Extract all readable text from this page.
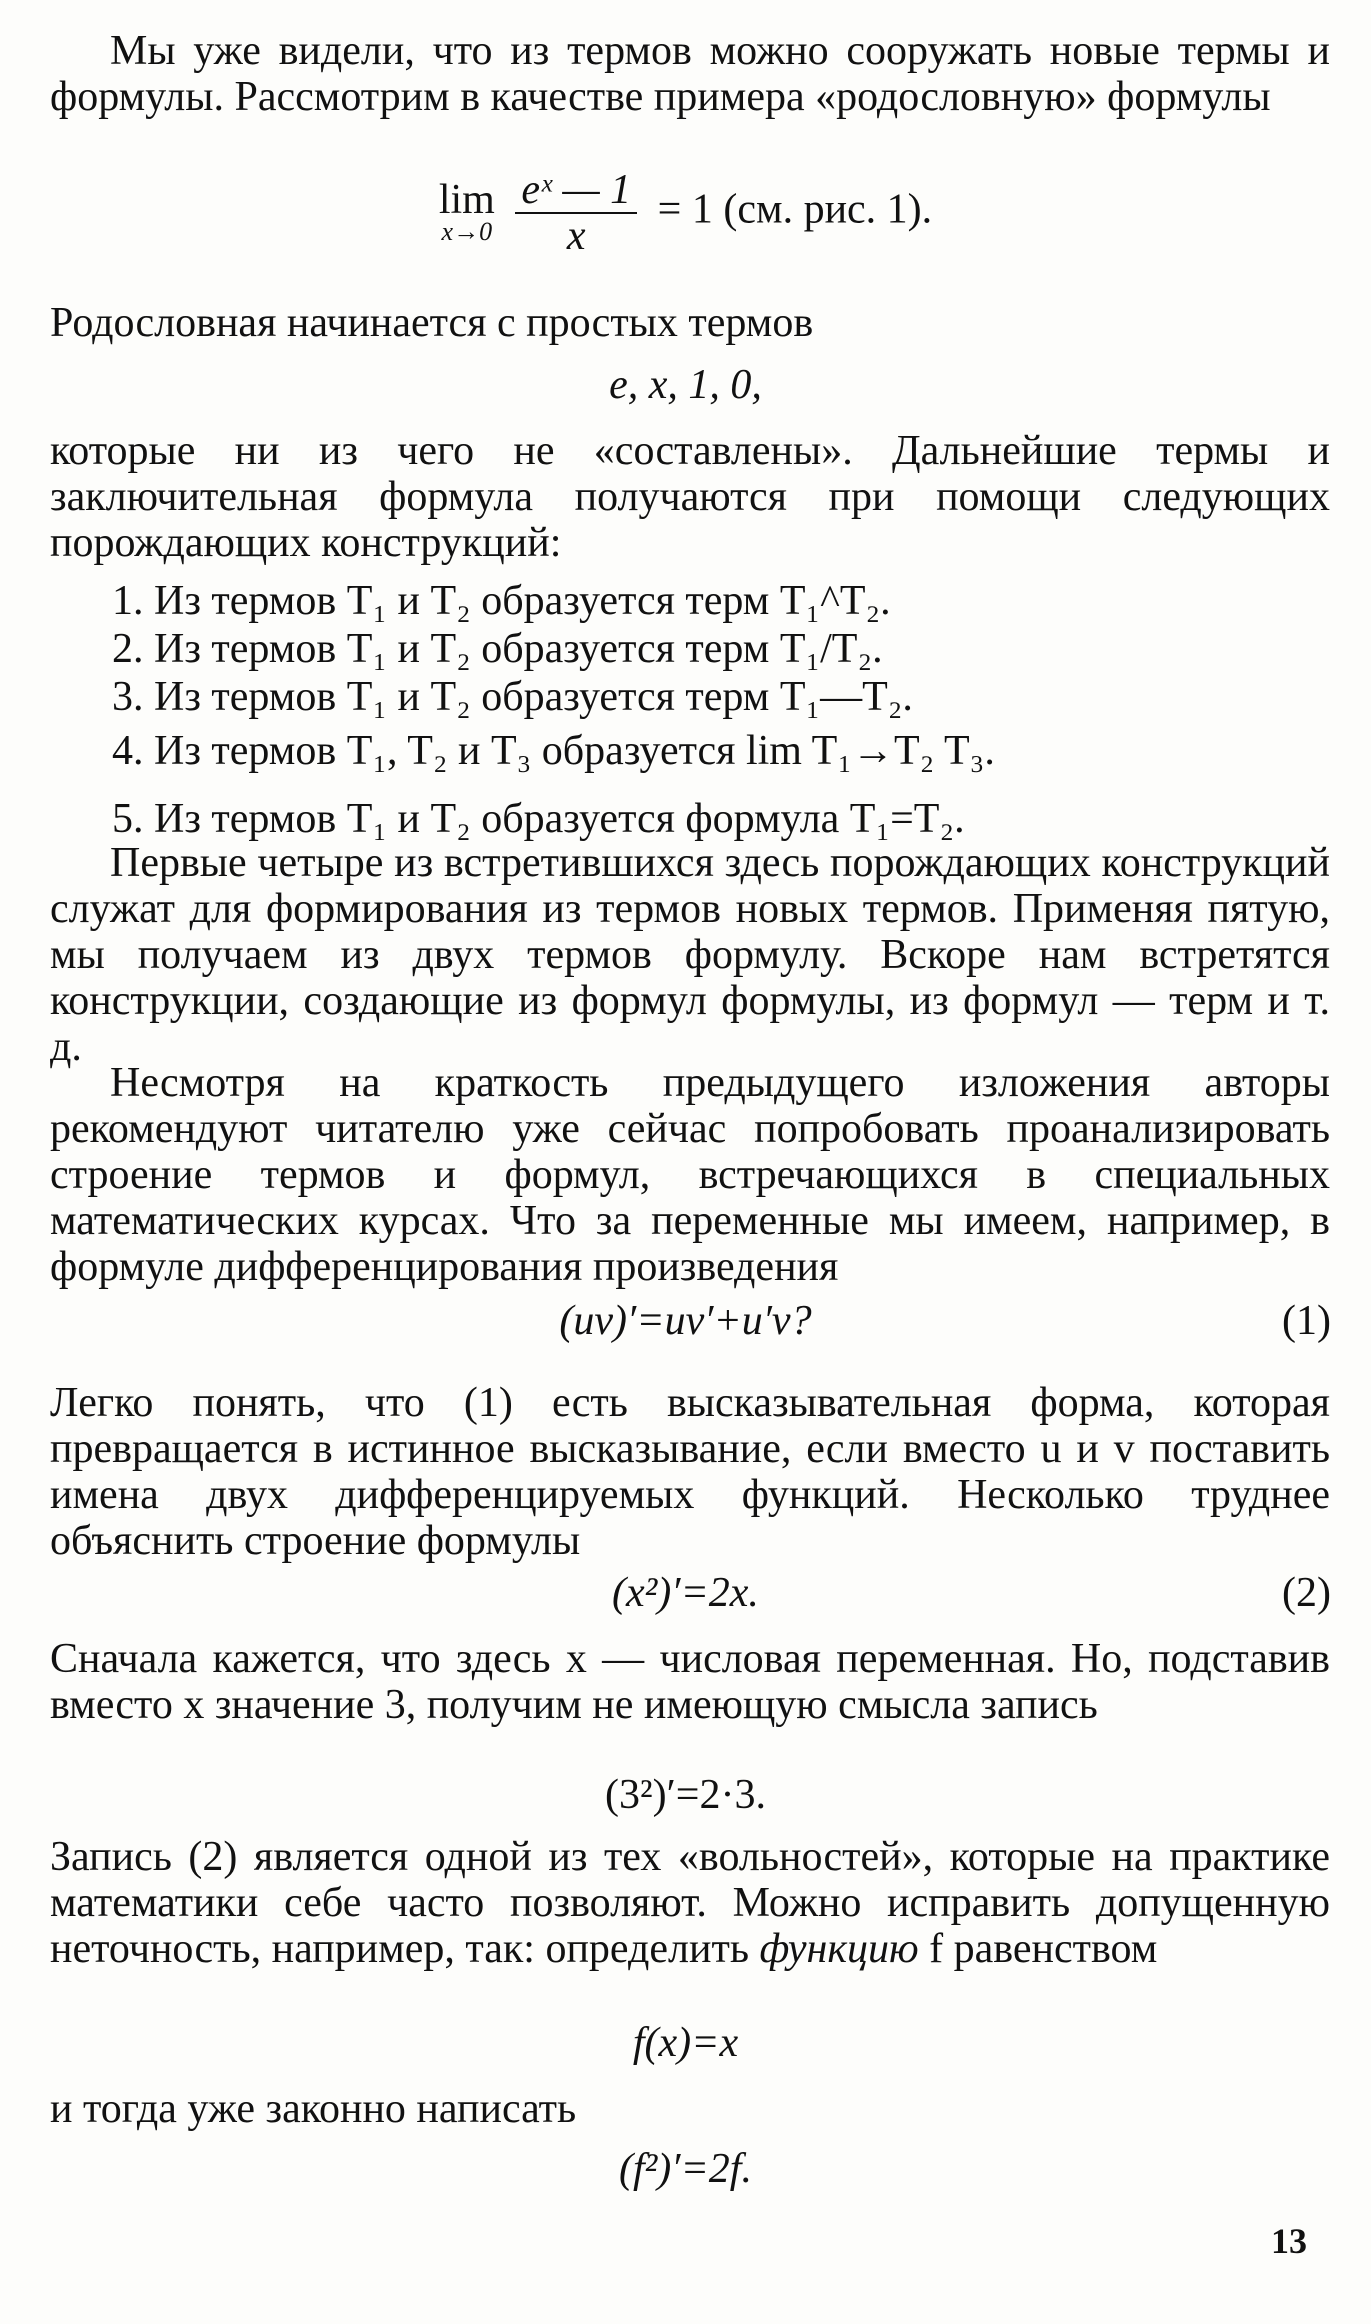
Мы уже видели, что из термов можно сооружать новые термы и формулы. Рассмотрим в качестве примера «родословную» формулы
lim
x→0
$\frac{\text{eˣ — 1}}{x} = 1$ (см. рис. 1).
Родословная начинается с простых термов
e, x, 1, 0,
которые ни из чего не «составлены». Дальнейшие термы и заключительная формула получаются при помощи следующих порождающих конструкций:
1. Из термов T₁ и T₂ образуется терм T₁^T₂.
2. Из термов T₁ и T₂ образуется терм T₁/T₂.
3. Из термов T₁ и T₂ образуется терм T₁—T₂.
4. Из термов T₁, T₂ и T₃ образуется lim T₁→T₂ T₃.
5. Из термов T₁ и T₂ образуется формула T₁=T₂.
Первые четыре из встретившихся здесь порождающих конструкций служат для формирования из термов новых термов. Применяя пятую, мы получаем из двух термов формулу. Вскоре нам встретятся конструкции, создающие из формул формулы, из формул — терм и т. д.
Несмотря на краткость предыдущего изложения авторы рекомендуют читателю уже сейчас попробовать проанализировать строение термов и формул, встречающихся в специальных математических курсах. Что за переменные мы имеем, например, в формуле дифференцирования произведения
(uv)′=uv′+u′v?	(1)
Легко понять, что (1) есть высказывательная форма, которая превращается в истинное высказывание, если вместо u и v поставить имена двух дифференцируемых функций. Несколько труднее объяснить строение формулы
(x²)′=2x.	(2)
Сначала кажется, что здесь x — числовая переменная. Но, подставив вместо x значение 3, получим не имеющую смысла запись
(3²)′=2·3.
Запись (2) является одной из тех «вольностей», которые на практике математики себе часто позволяют. Можно исправить допущенную неточность, например, так: определить функцию f равенством
f(x)=x
и тогда уже законно написать
(f²)′=2f.
13
